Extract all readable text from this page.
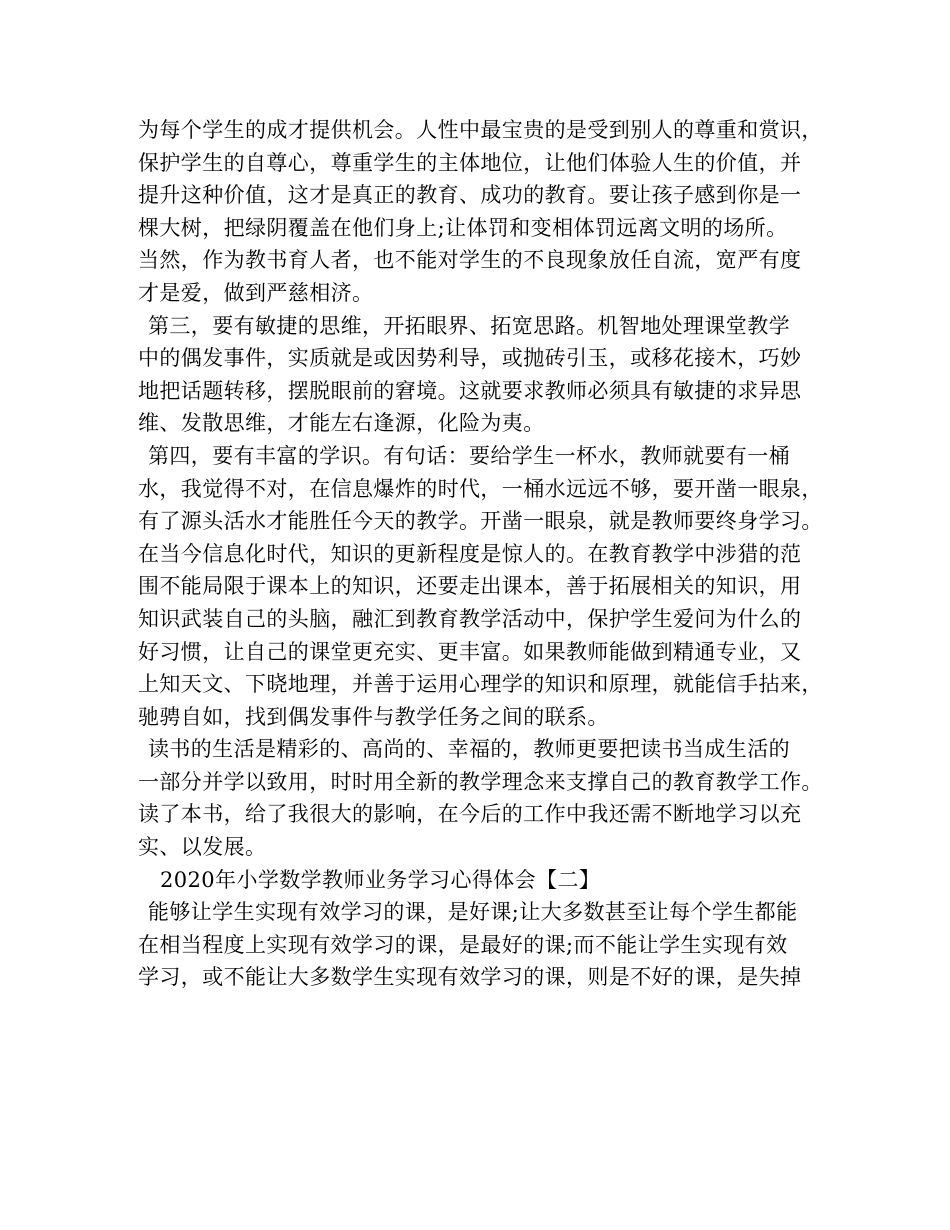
为每个学生的成才提供机会。人性中最宝贵的是受到别人的尊重和赏识，
保护学生的自尊心，尊重学生的主体地位，让他们体验人生的价值，并
提升这种价值，这才是真正的教育、成功的教育。要让孩子感到你是一
棵大树，把绿阴覆盖在他们身上;让体罚和变相体罚远离文明的场所。
当然，作为教书育人者，也不能对学生的不良现象放任自流，宽严有度
才是爱，做到严慈相济。
第三，要有敏捷的思维，开拓眼界、拓宽思路。机智地处理课堂教学
中的偶发事件，实质就是或因势利导，或抛砖引玉，或移花接木，巧妙
地把话题转移，摆脱眼前的窘境。这就要求教师必须具有敏捷的求异思
维、发散思维，才能左右逢源，化险为夷。
第四，要有丰富的学识。有句话：要给学生一杯水，教师就要有一桶
水，我觉得不对，在信息爆炸的时代，一桶水远远不够，要开凿一眼泉，
有了源头活水才能胜任今天的教学。开凿一眼泉，就是教师要终身学习。
在当今信息化时代，知识的更新程度是惊人的。在教育教学中涉猎的范
围不能局限于课本上的知识，还要走出课本，善于拓展相关的知识，用
知识武装自己的头脑，融汇到教育教学活动中，保护学生爱问为什么的
好习惯，让自己的课堂更充实、更丰富。如果教师能做到精通专业，又
上知天文、下晓地理，并善于运用心理学的知识和原理，就能信手拈来，
驰骋自如，找到偶发事件与教学任务之间的联系。
读书的生活是精彩的、高尚的、幸福的，教师更要把读书当成生活的
一部分并学以致用，时时用全新的教学理念来支撑自己的教育教学工作。
读了本书，给了我很大的影响，在今后的工作中我还需不断地学习以充
实、以发展。
2020年小学数学教师业务学习心得体会【二】
能够让学生实现有效学习的课，是好课;让大多数甚至让每个学生都能
在相当程度上实现有效学习的课，是最好的课;而不能让学生实现有效
学习，或不能让大多数学生实现有效学习的课，则是不好的课，是失掉
